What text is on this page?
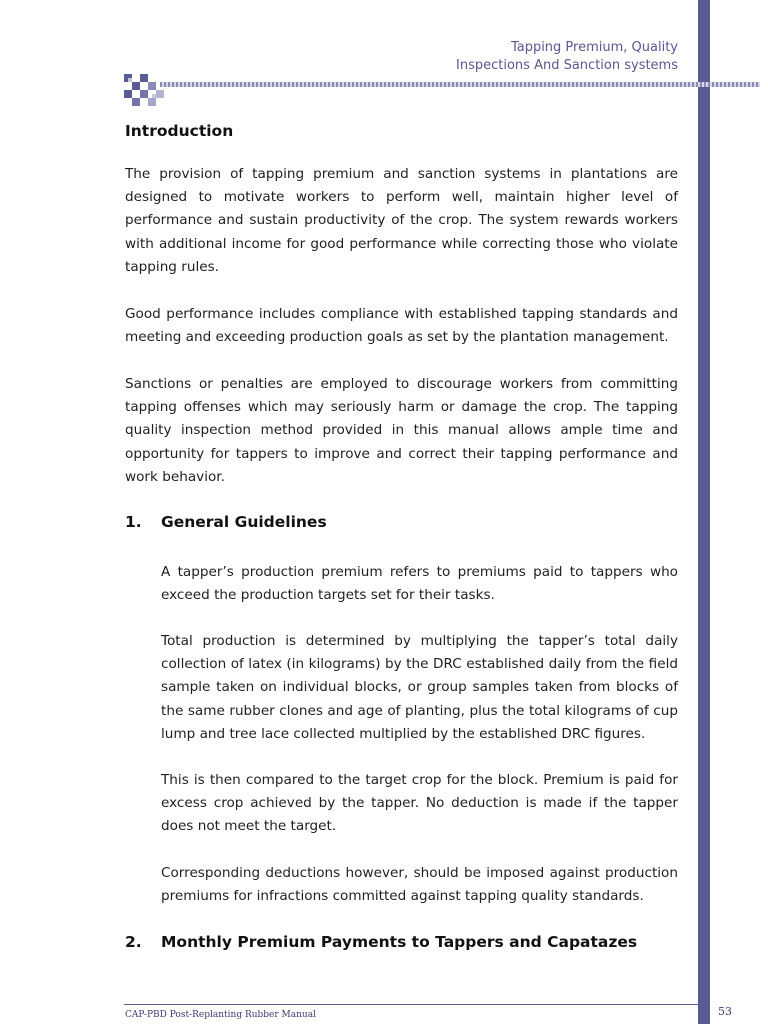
Tapping Premium, Quality
Inspections And Sanction systems
Introduction

The provision of tapping premium and sanction systems in plantations are designed to motivate workers to perform well, maintain higher level of performance and sustain productivity of the crop. The system rewards workers with additional income for good performance while correcting those who violate tapping rules.

Good performance includes compliance with established tapping standards and meeting and exceeding production goals as set by the plantation management.

Sanctions or penalties are employed to discourage workers from committing tapping offenses which may seriously harm or damage the crop. The tapping quality inspection method provided in this manual allows ample time and opportunity for tappers to improve and correct their tapping performance and work behavior.

1. General Guidelines

A tapper’s production premium refers to premiums paid to tappers who exceed the production targets set for their tasks.

Total production is determined by multiplying the tapper’s total daily collection of latex (in kilograms) by the DRC established daily from the field sample taken on individual blocks, or group samples taken from blocks of the same rubber clones and age of planting, plus the total kilograms of cup lump and tree lace collected multiplied by the established DRC figures.

This is then compared to the target crop for the block. Premium is paid for excess crop achieved by the tapper. No deduction is made if the tapper does not meet the target.

Corresponding deductions however, should be imposed against production premiums for infractions committed against tapping quality standards.

2. Monthly Premium Payments to Tappers and Capatazes
CAP-PBD Post-Replanting Rubber Manual	53
